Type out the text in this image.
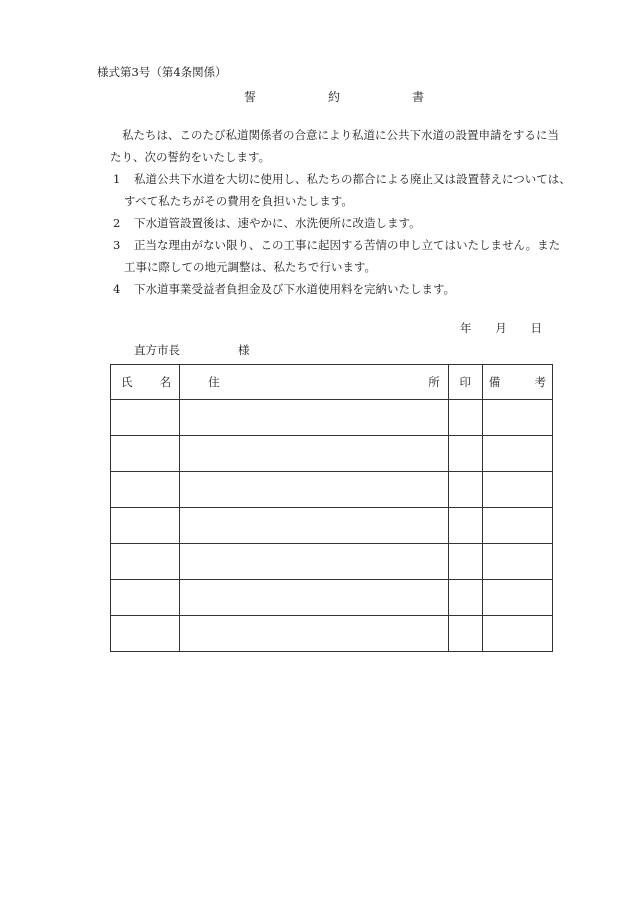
様式第3号（第4条関係）
誓	約	書

私たちは、このたび私道関係者の合意により私道に公共下水道の設置申請をするに当

たり、次の誓約をいたします。

1	私道公共下水道を大切に使用し、私たちの都合による廃止又は設置替えについては、

すべて私たちがその費用を負担いたします。

2	下水道管設置後は、速やかに、水洗便所に改造します。
3	正当な理由がない限り、この工事に起因する苦情の申し立てはいたしません。また

工事に際しての地元調整は、私たちで行います。

4	下水道事業受益者負担金及び下水道使用料を完納いたします。
年 月 日
直方市長	様
氏 名	住 所	印	備 考
